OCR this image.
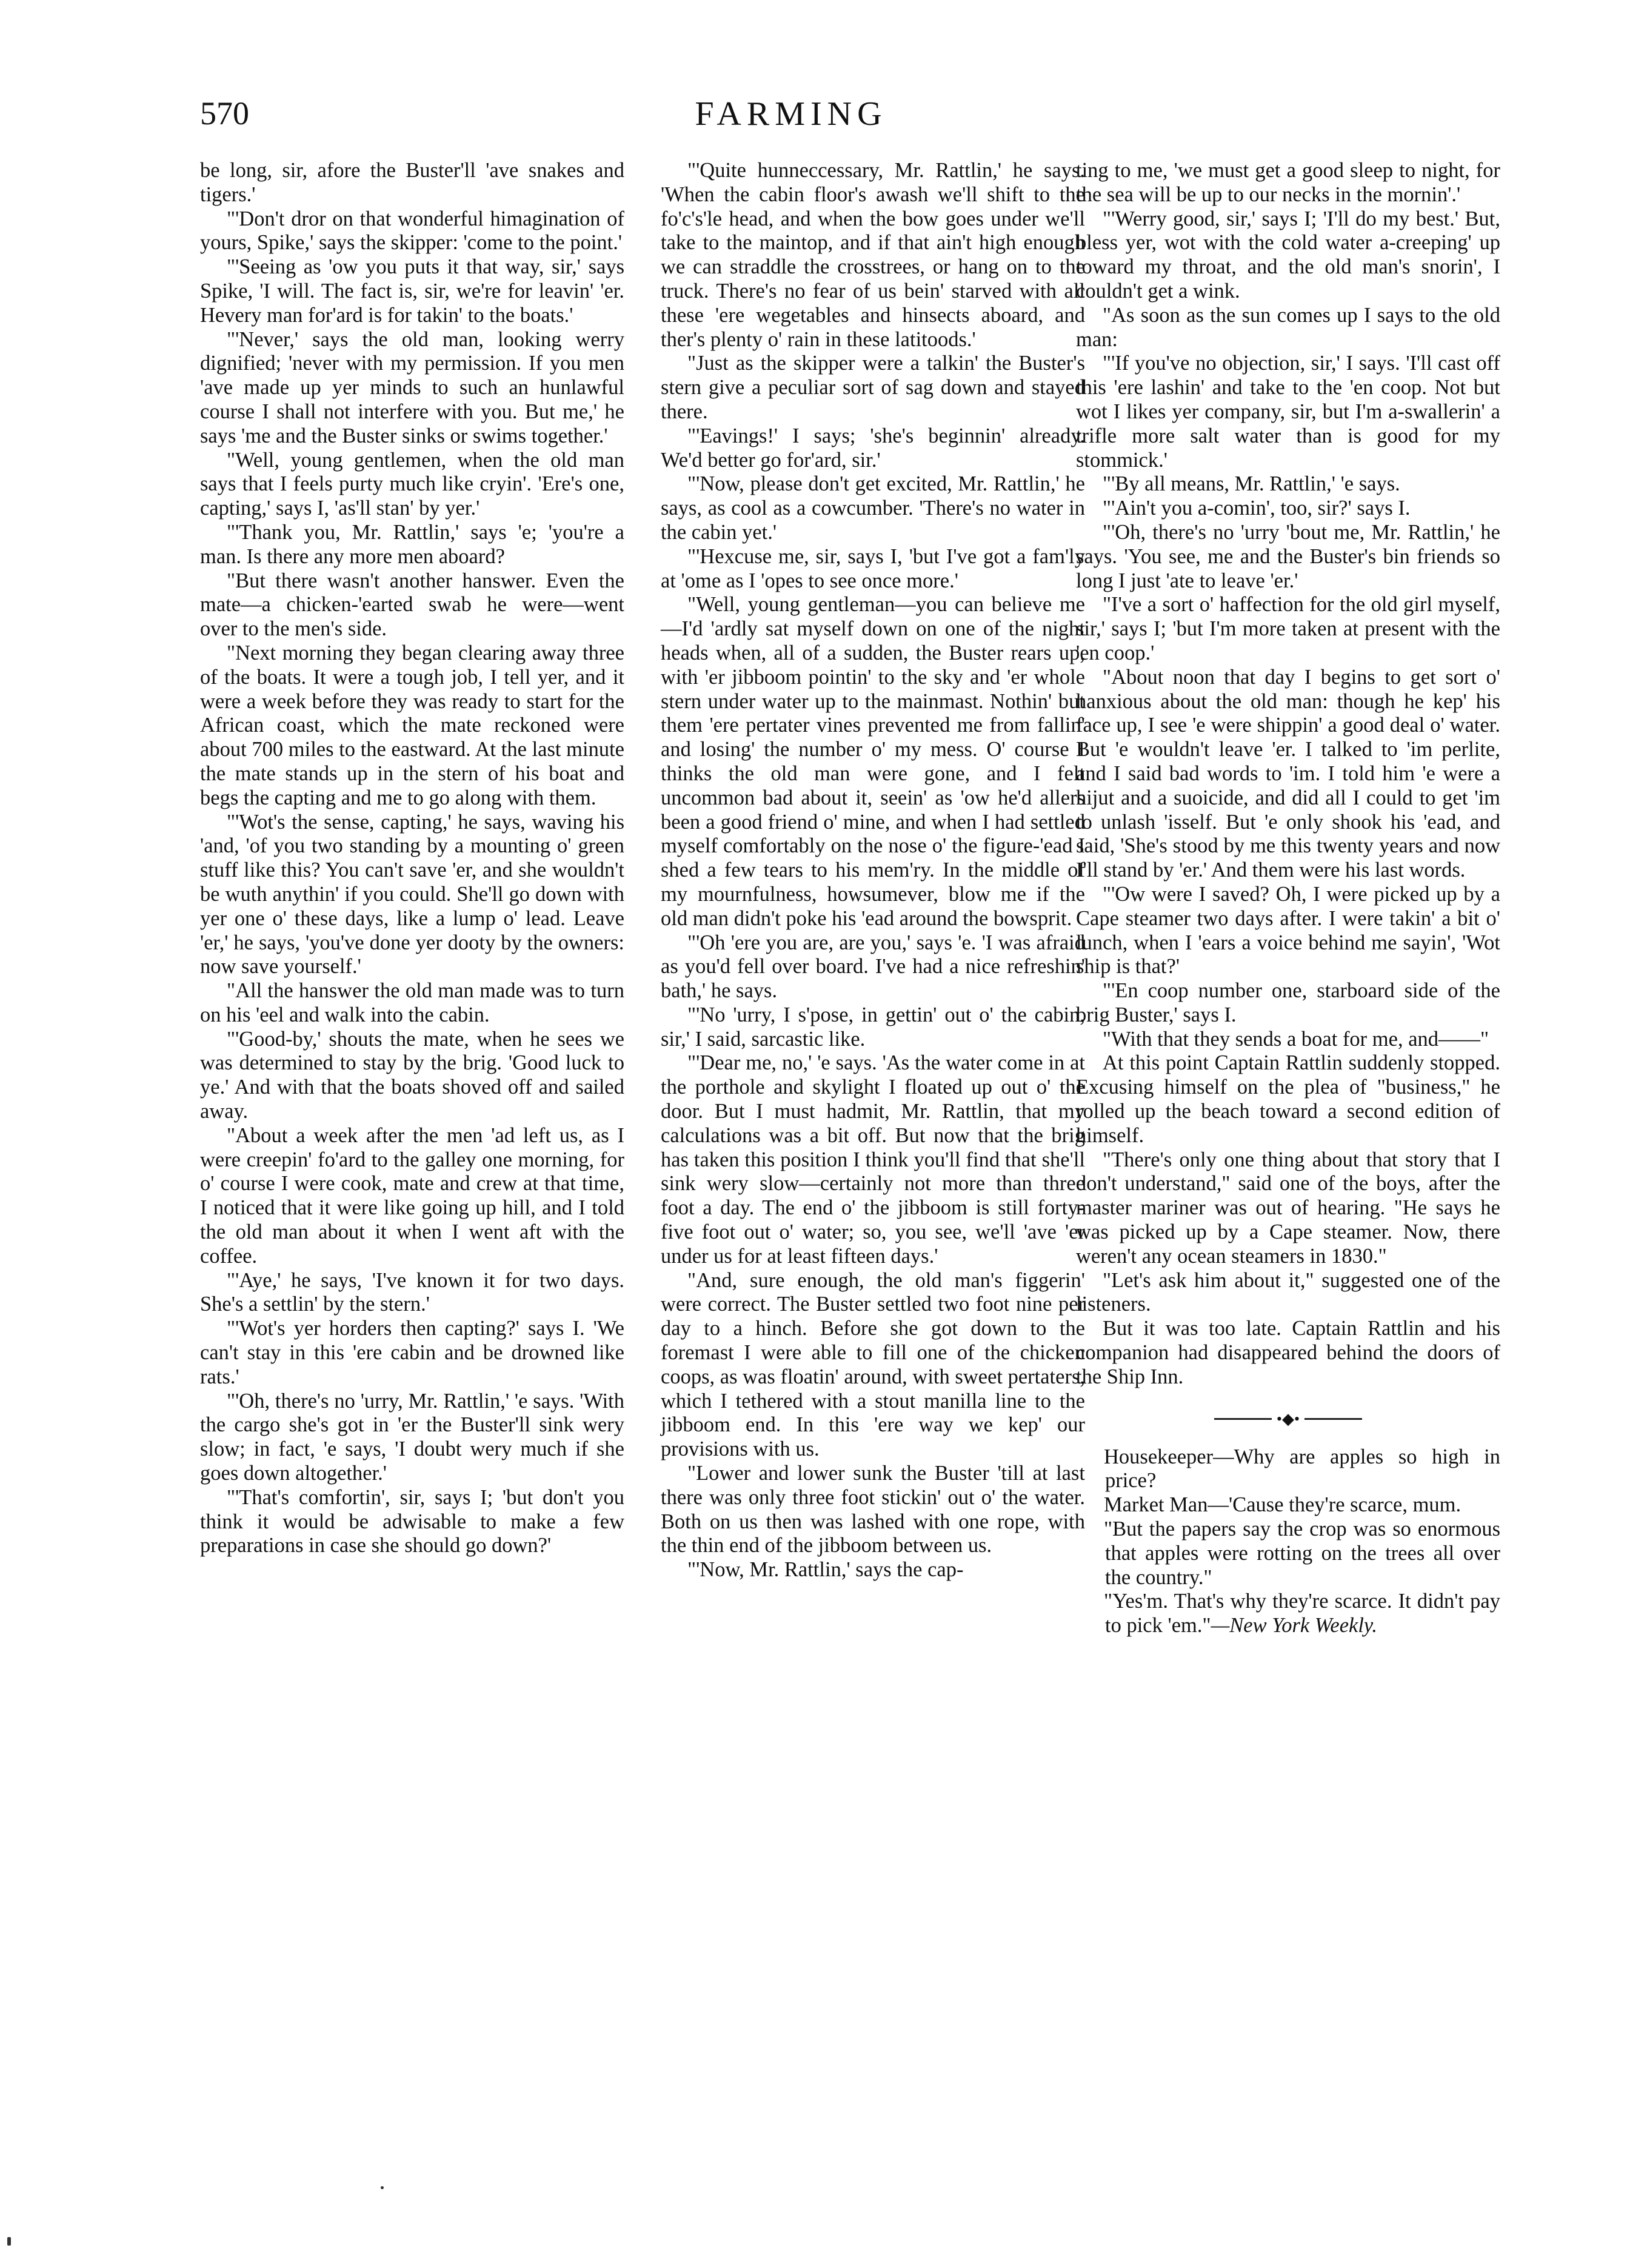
570	FARMING

be long, sir, afore the Buster'll 'ave snakes and tigers.'

"'Don't dror on that wonderful himagination of yours, Spike,' says the skipper: 'come to the point.'

"'Seeing as 'ow you puts it that way, sir,' says Spike, 'I will. The fact is, sir, we're for leavin' 'er. Hevery man for'ard is for takin' to the boats.'

"'Never,' says the old man, looking werry dignified; 'never with my permission. If you men 'ave made up yer minds to such an hunlawful course I shall not interfere with you. But me,' he says 'me and the Buster sinks or swims together.'

"Well, young gentlemen, when the old man says that I feels purty much like cryin'. 'Ere's one, capting,' says I, 'as'll stan' by yer.'

"'Thank you, Mr. Rattlin,' says 'e; 'you're a man. Is there any more men aboard?

"But there wasn't another hanswer. Even the mate—a chicken-'earted swab he were—went over to the men's side.

"Next morning they began clearing away three of the boats. It were a tough job, I tell yer, and it were a week before they was ready to start for the African coast, which the mate reckoned were about 700 miles to the eastward. At the last minute the mate stands up in the stern of his boat and begs the capting and me to go along with them.

"'Wot's the sense, capting,' he says, waving his 'and, 'of you two standing by a mounting o' green stuff like this? You can't save 'er, and she wouldn't be wuth anythin' if you could. She'll go down with yer one o' these days, like a lump o' lead. Leave 'er,' he says, 'you've done yer dooty by the owners: now save yourself.'

"All the hanswer the old man made was to turn on his 'eel and walk into the cabin.

"'Good-by,' shouts the mate, when he sees we was determined to stay by the brig. 'Good luck to ye.' And with that the boats shoved off and sailed away.

"About a week after the men 'ad left us, as I were creepin' fo'ard to the galley one morning, for o' course I were cook, mate and crew at that time, I noticed that it were like going up hill, and I told the old man about it when I went aft with the coffee.

"'Aye,' he says, 'I've known it for two days. She's a settlin' by the stern.'

"'Wot's yer horders then capting?' says I. 'We can't stay in this 'ere cabin and be drowned like rats.'

"'Oh, there's no 'urry, Mr. Rattlin,' 'e says. 'With the cargo she's got in 'er the Buster'll sink wery slow; in fact, 'e says, 'I doubt wery much if she goes down altogether.'

"'That's comfortin', sir, says I; 'but don't you think it would be adwisable to make a few preparations in case she should go down?'

"'Quite hunneccessary, Mr. Rattlin,' he says. 'When the cabin floor's awash we'll shift to the fo'c's'le head, and when the bow goes under we'll take to the maintop, and if that ain't high enough we can straddle the crosstrees, or hang on to the truck. There's no fear of us bein' starved with all these 'ere wegetables and hinsects aboard, and ther's plenty o' rain in these latitoods.'

"Just as the skipper were a talkin' the Buster's stern give a peculiar sort of sag down and stayed there.

"'Eavings!' I says; 'she's beginnin' already. We'd better go for'ard, sir.'

"'Now, please don't get excited, Mr. Rattlin,' he says, as cool as a cowcumber. 'There's no water in the cabin yet.'

"'Hexcuse me, sir, says I, 'but I've got a fam'ly at 'ome as I 'opes to see once more.'

"Well, young gentleman—you can believe me—I'd 'ardly sat myself down on one of the night heads when, all of a sudden, the Buster rears up, with 'er jibboom pointin' to the sky and 'er whole stern under water up to the mainmast. Nothin' but them 'ere pertater vines prevented me from fallin' and losing' the number o' my mess. O' course I thinks the old man were gone, and I felt uncommon bad about it, seein' as 'ow he'd allers been a good friend o' mine, and when I had settled myself comfortably on the nose o' the figure-'ead I shed a few tears to his mem'ry. In the middle of my mournfulness, howsumever, blow me if the old man didn't poke his 'ead around the bowsprit.

"'Oh 'ere you are, are you,' says 'e. 'I was afraid as you'd fell over board. I've had a nice refreshin' bath,' he says.

"'No 'urry, I s'pose, in gettin' out o' the cabin, sir,' I said, sarcastic like.

"'Dear me, no,' 'e says. 'As the water come in at the porthole and skylight I floated up out o' the door. But I must hadmit, Mr. Rattlin, that my calculations was a bit off. But now that the brig has taken this position I think you'll find that she'll sink wery slow—certainly not more than three foot a day. The end o' the jibboom is still forty-five foot out o' water; so, you see, we'll 'ave 'er under us for at least fifteen days.'

"And, sure enough, the old man's figgerin' were correct. The Buster settled two foot nine per day to a hinch. Before she got down to the foremast I were able to fill one of the chicken coops, as was floatin' around, with sweet pertaters, which I tethered with a stout manilla line to the jibboom end. In this 'ere way we kep' our provisions with us.

"Lower and lower sunk the Buster 'till at last there was only three foot stickin' out o' the water. Both on us then was lashed with one rope, with the thin end of the jibboom between us.

"'Now, Mr. Rattlin,' says the cap-

ting to me, 'we must get a good sleep to night, for the sea will be up to our necks in the mornin'.'

"'Werry good, sir,' says I; 'I'll do my best.' But, bless yer, wot with the cold water a-creeping' up toward my throat, and the old man's snorin', I couldn't get a wink.

"As soon as the sun comes up I says to the old man:

"'If you've no objection, sir,' I says. 'I'll cast off this 'ere lashin' and take to the 'en coop. Not but wot I likes yer company, sir, but I'm a-swallerin' a trifle more salt water than is good for my stommick.'

"'By all means, Mr. Rattlin,' 'e says.

"'Ain't you a-comin', too, sir?' says I.

"'Oh, there's no 'urry 'bout me, Mr. Rattlin,' he says. 'You see, me and the Buster's bin friends so long I just 'ate to leave 'er.'

"I've a sort o' haffection for the old girl myself, sir,' says I; 'but I'm more taken at present with the 'en coop.'

"About noon that day I begins to get sort o' hanxious about the old man: though he kep' his face up, I see 'e were shippin' a good deal o' water. But 'e wouldn't leave 'er. I talked to 'im perlite, and I said bad words to 'im. I told him 'e were a hijut and a suoicide, and did all I could to get 'im to unlash 'isself. But 'e only shook his 'ead, and said, 'She's stood by me this twenty years and now I'll stand by 'er.' And them were his last words.

"'Ow were I saved? Oh, I were picked up by a Cape steamer two days after. I were takin' a bit o' lunch, when I 'ears a voice behind me sayin', 'Wot ship is that?'

"'En coop number one, starboard side of the brig Buster,' says I.

"With that they sends a boat for me, and——"

At this point Captain Rattlin suddenly stopped. Excusing himself on the plea of "business," he rolled up the beach toward a second edition of himself.

"There's only one thing about that story that I don't understand," said one of the boys, after the master mariner was out of hearing. "He says he was picked up by a Cape steamer. Now, there weren't any ocean steamers in 1830."

"Let's ask him about it," suggested one of the listeners.

But it was too late. Captain Rattlin and his companion had disappeared behind the doors of the Ship Inn.

•◆•

Housekeeper—Why are apples so high in price?

Market Man—'Cause they're scarce, mum.

"But the papers say the crop was so enormous that apples were rotting on the trees all over the country."

"Yes'm. That's why they're scarce. It didn't pay to pick 'em."—New York Weekly.
